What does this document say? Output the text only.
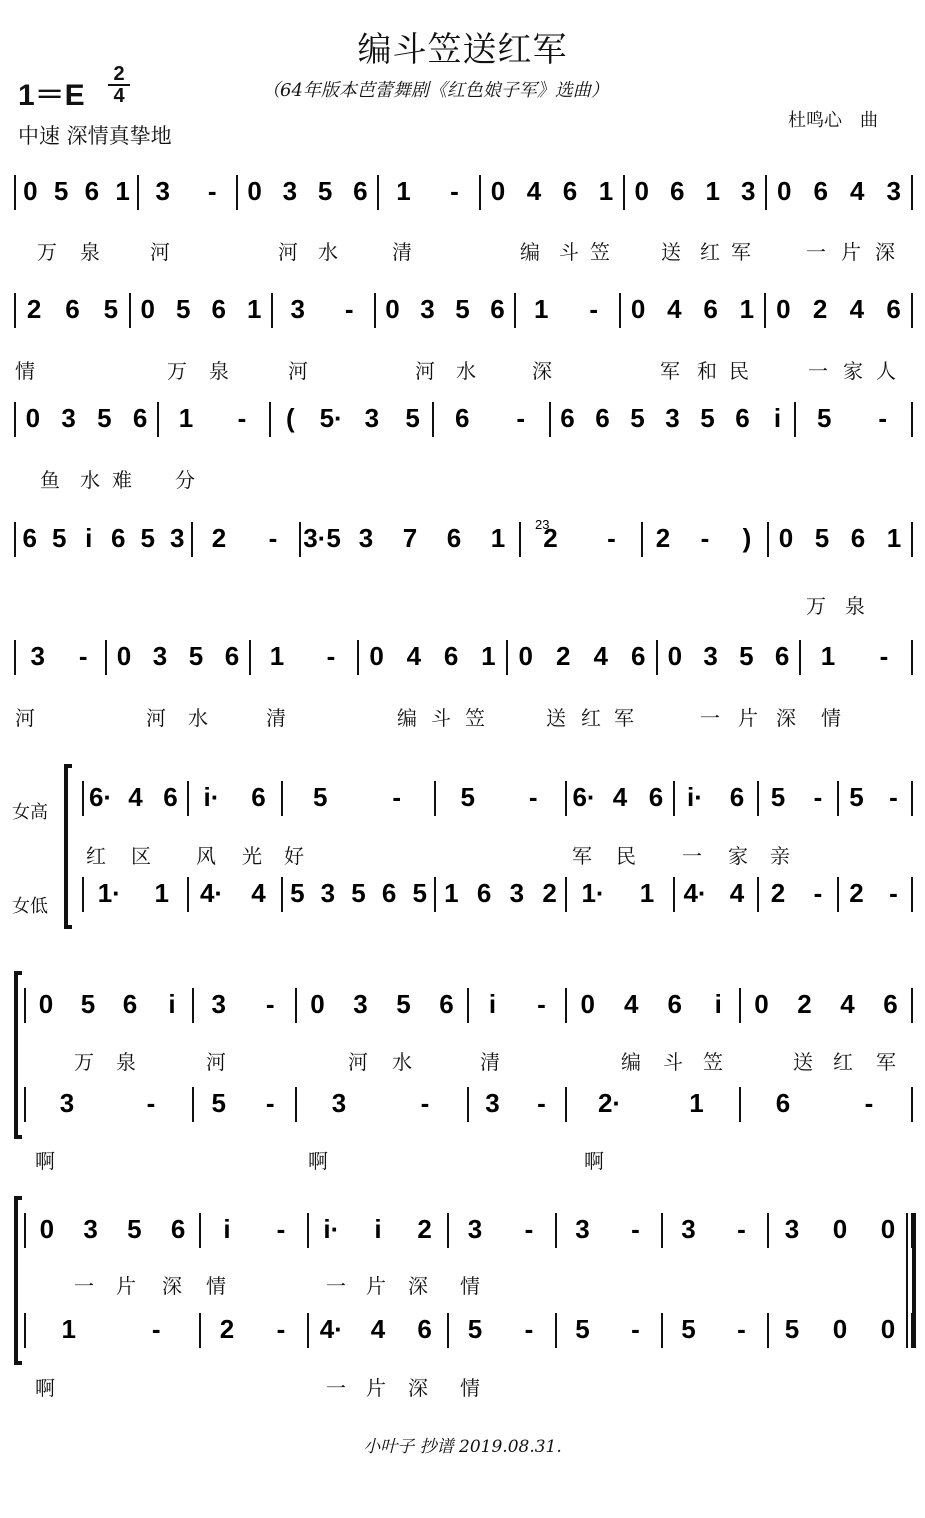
编斗笠送红军
1＝E
2
4	（64年版本芭蕾舞剧《红色娘子军》选曲）
杜鸣心　曲
中速 深情真挚地
0 5 6 1 3 - 0 3 5 6 1 - 0 4 6 1 0 6 1 3 0 6 4 3
2 6 5 0 5 6 1 3 - 0 3 5 6 1 - 0 4 6 1 0 2 4 6
0 3 5 6 1 - ( 5· 3 5 6 - 6 6 5 3 5 6 i 5 -
6 5 i 6 5 3 2 - 3·5 3 7 6 1 2 - 2 - ) 0 5 6 1
23
3 - 0 3 5 6 1 - 0 4 6 1 0 2 4 6 0 3 5 6 1 -
6· 4 6 i· 6 5 - 5 - 6· 4 6 i· 6 5 - 5 -
1· 1 4· 4 5 3 5 6 5 1 6 3 2 1· 1 4· 4 2 - 2 -
0 5 6 i 3 - 0 3 5 6 i - 0 4 6 i 0 2 4 6
3	- 5 - 3	- 3 - 2·	1	6	-
0 3 5 6 i - i· i 2 3 - 3 - 3 - 3 0 0
1	- 2 - 4· 4 6 5 - 5 - 5 - 5 0 0
万 泉	河	河 水	清	编 斗 笠	送 红 军	一 片 深
情	万 泉	河	河 水	深	军 和 民	一 家 人
鱼 水 难 分
万 泉
河	河 水	清	编 斗 笠	送 红 军	一 片 深 情
红 区 风 光 好	军 民 一 家 亲
万 泉	河	河 水	清	编 斗 笠	送 红 军
啊	啊	啊
一 片 深 情	一 片 深 情
啊	一 片 深 情
女高
女低
小叶子 抄谱 2019.08.31.
